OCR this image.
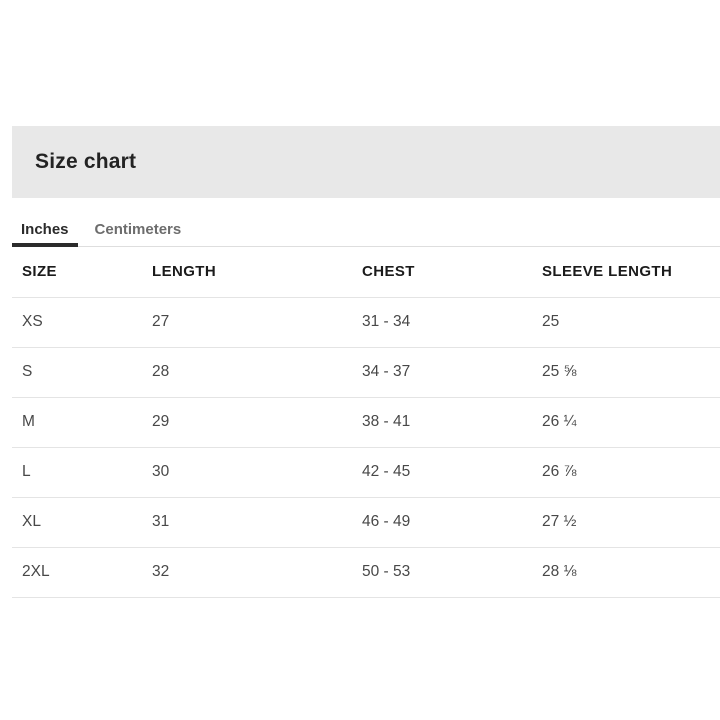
Size chart
Inches	Centimeters
SIZE	LENGTH	CHEST	SLEEVE LENGTH
XS	27	31 - 34	25
S	28	34 - 37	25 ⅝
M	29	38 - 41	26 ¼
L	30	42 - 45	26 ⅞
XL	31	46 - 49	27 ½
2XL	32	50 - 53	28 ⅛
